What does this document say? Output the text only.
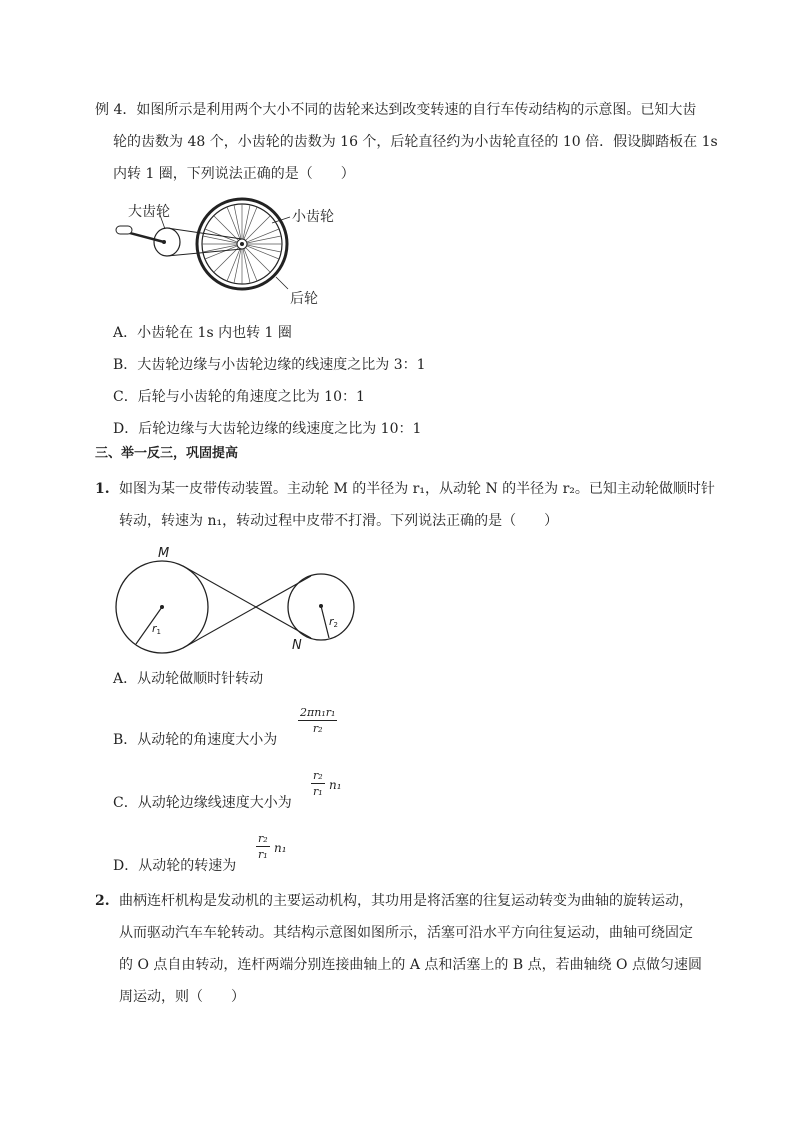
例 4．如图所示是利用两个大小不同的齿轮来达到改变转速的自行车传动结构的示意图。已知大齿
轮的齿数为 48 个，小齿轮的齿数为 16 个，后轮直径约为小齿轮直径的 10 倍．假设脚踏板在 1s
内转 1 圈，下列说法正确的是（　　）
大齿轮	小齿轮
后轮
A．小齿轮在 1s 内也转 1 圈
B．大齿轮边缘与小齿轮边缘的线速度之比为 3：1
C．后轮与小齿轮的角速度之比为 10：1
D．后轮边缘与大齿轮边缘的线速度之比为 10：1
三、举一反三，巩固提高
1. 如图为某一皮带传动装置。主动轮 M 的半径为 r₁，从动轮 N 的半径为 r₂。已知主动轮做顺时针
转动，转速为 n₁，转动过程中皮带不打滑。下列说法正确的是（　　）
M
N
r1
r2
A．从动轮做顺时针转动
B．从动轮的角速度大小为
$\frac{\text{2πn₁r₁}}{\text{r₂}}$
C．从动轮边缘线速度大小为
$\frac{\text{r₂}}{\text{r₁}} n_1$
D．从动轮的转速为
$\frac{\text{r₂}}{\text{r₁}} n_1$
2. 曲柄连杆机构是发动机的主要运动机构，其功用是将活塞的往复运动转变为曲轴的旋转运动，
从而驱动汽车车轮转动。其结构示意图如图所示，活塞可沿水平方向往复运动，曲轴可绕固定
的 O 点自由转动，连杆两端分别连接曲轴上的 A 点和活塞上的 B 点，若曲轴绕 O 点做匀速圆
周运动，则（　　）
